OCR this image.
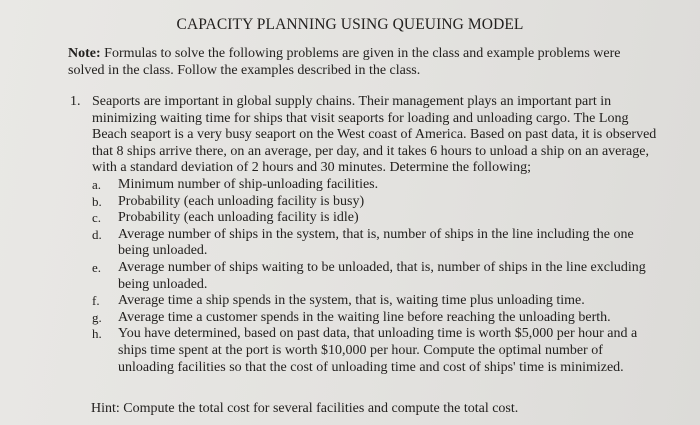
CAPACITY PLANNING USING QUEUING MODEL
Note: Formulas to solve the following problems are given in the class and example problems were solved in the class. Follow the examples described in the class.
1. Seaports are important in global supply chains. Their management plays an important part in minimizing waiting time for ships that visit seaports for loading and unloading cargo. The Long Beach seaport is a very busy seaport on the West coast of America. Based on past data, it is observed that 8 ships arrive there, on an average, per day, and it takes 6 hours to unload a ship on an average, with a standard deviation of 2 hours and 30 minutes. Determine the following;
a. Minimum number of ship-unloading facilities.
b. Probability (each unloading facility is busy)
c. Probability (each unloading facility is idle)
d. Average number of ships in the system, that is, number of ships in the line including the one being unloaded.
e. Average number of ships waiting to be unloaded, that is, number of ships in the line excluding being unloaded.
f. Average time a ship spends in the system, that is, waiting time plus unloading time.
g. Average time a customer spends in the waiting line before reaching the unloading berth.
h. You have determined, based on past data, that unloading time is worth $5,000 per hour and a ships time spent at the port is worth $10,000 per hour. Compute the optimal number of unloading facilities so that the cost of unloading time and cost of ships' time is minimized.
Hint: Compute the total cost for several facilities and compute the total cost.
